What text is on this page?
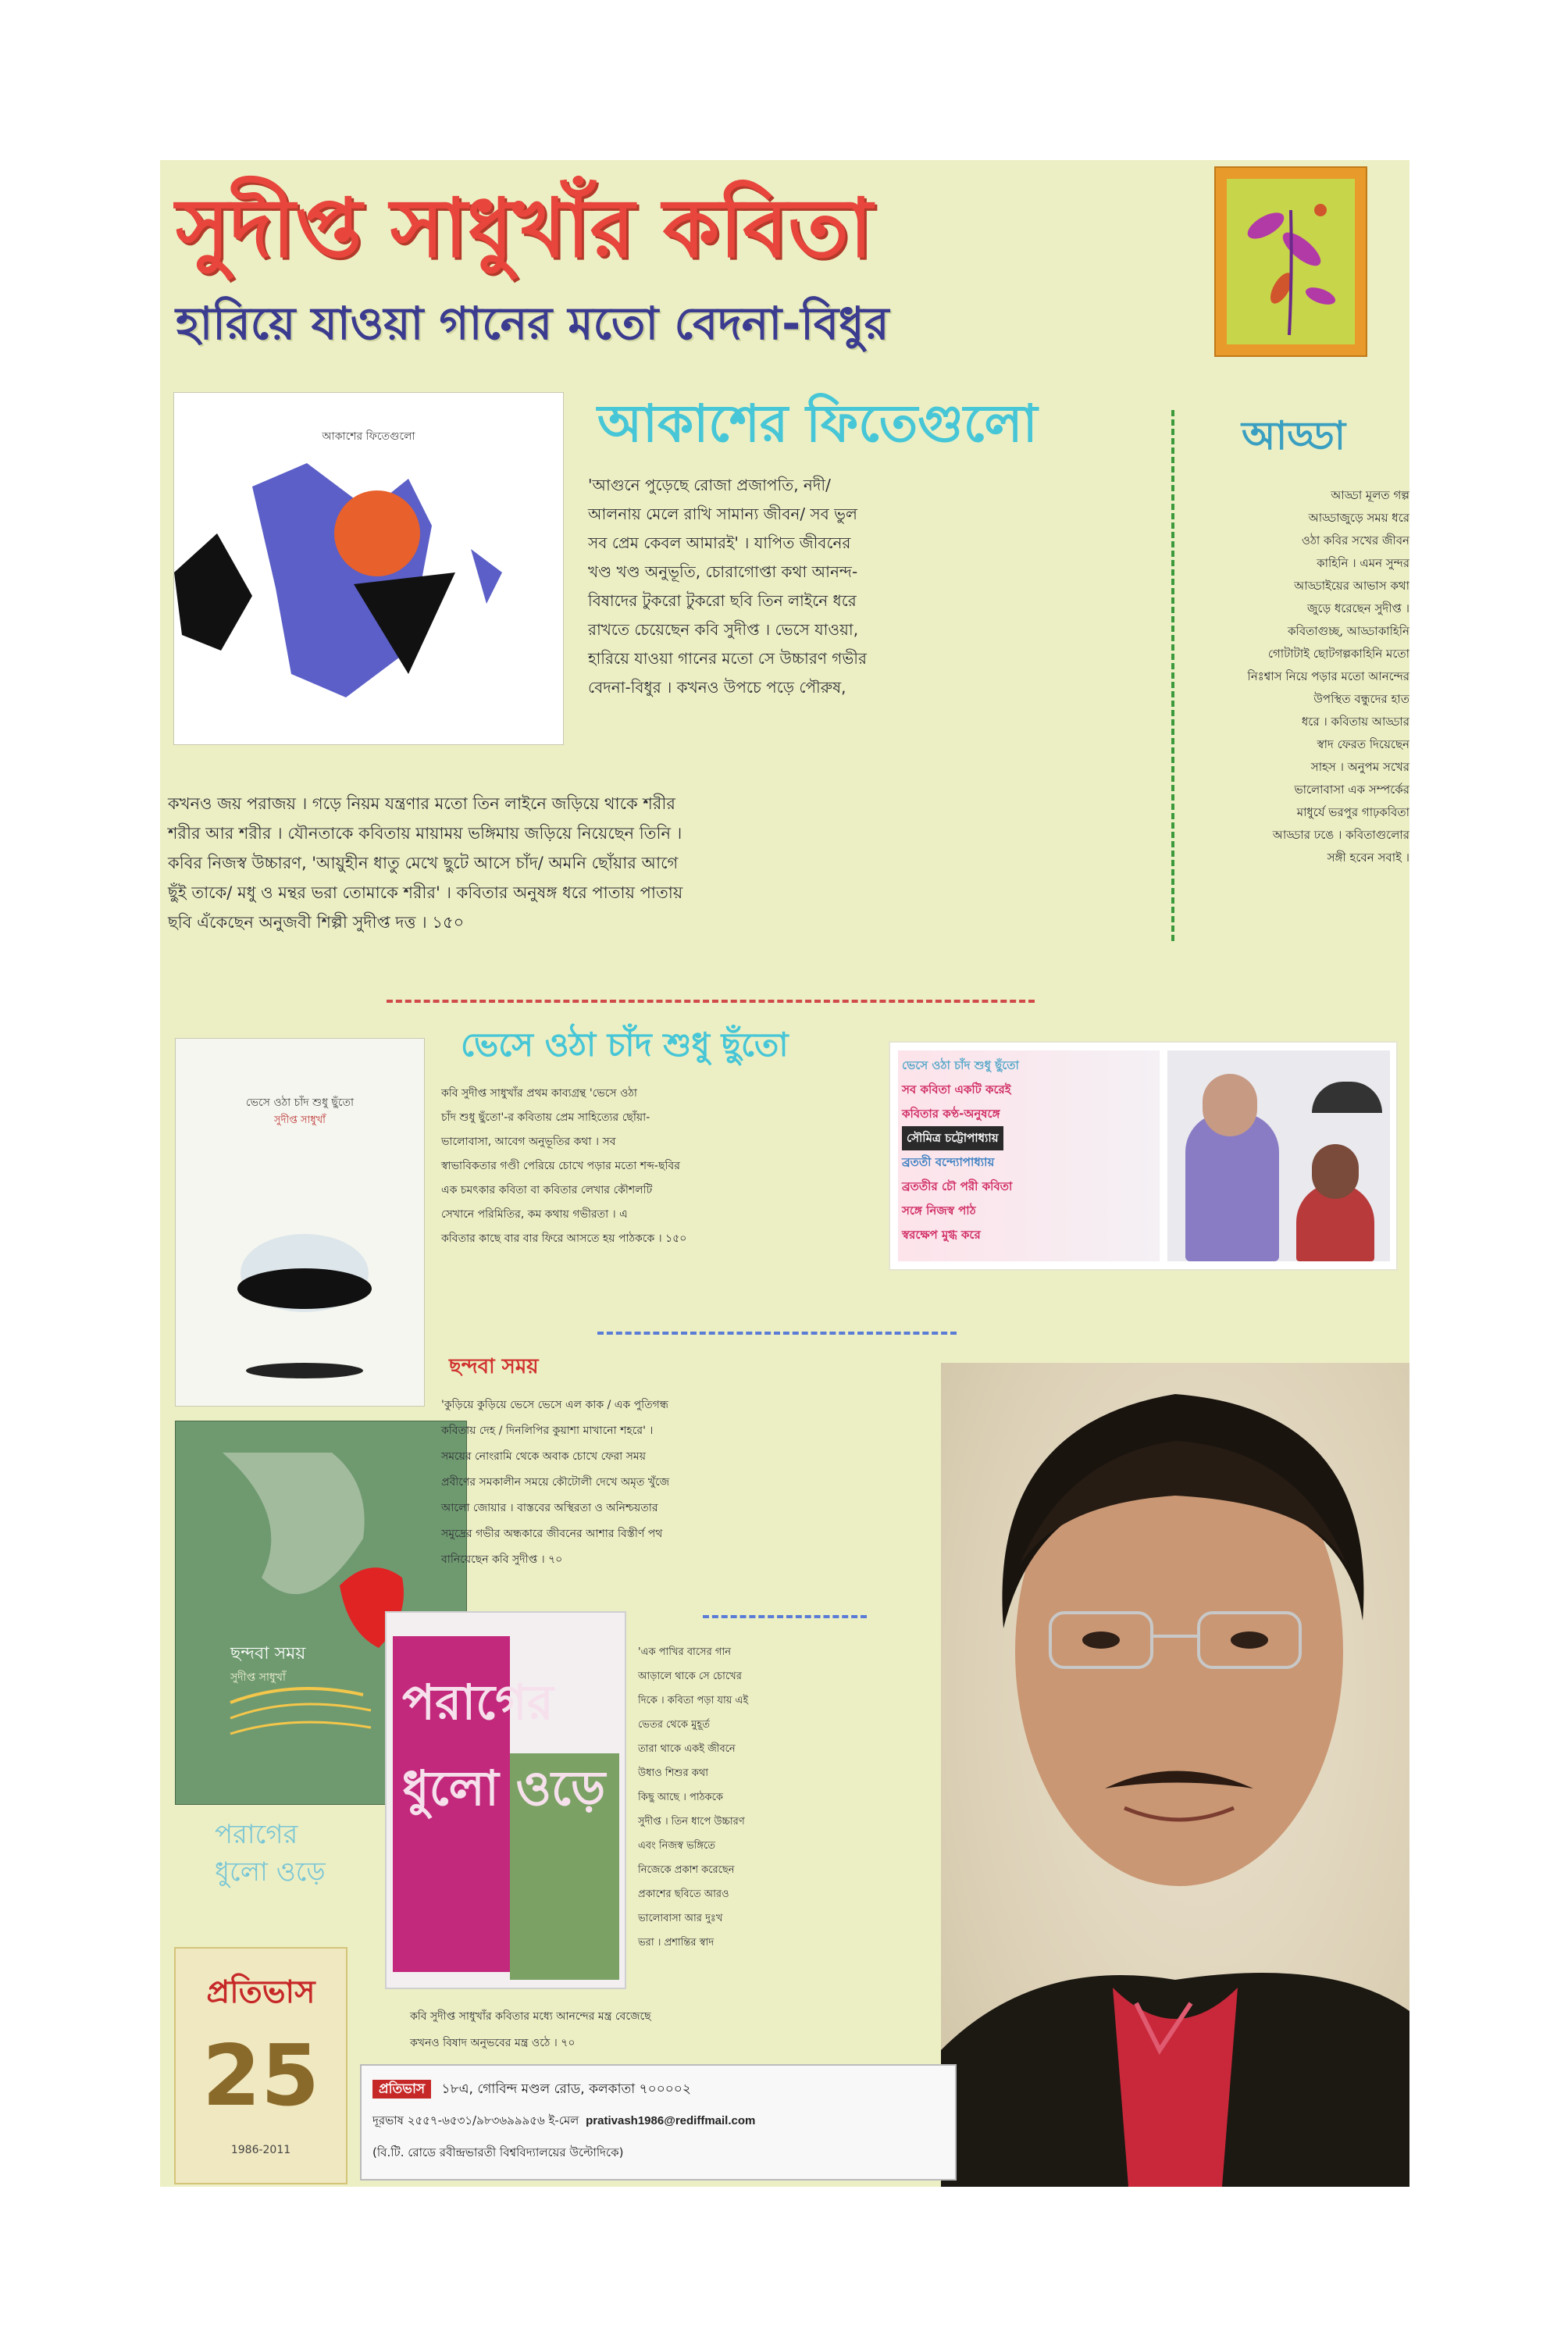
সুদীপ্ত সাধুখাঁর কবিতা
হারিয়ে যাওয়া গানের মতো বেদনা-বিধুর
আকাশের ফিতেগুলো	আকাশের ফিতেগুলো

'আগুনে পুড়েছে রোজা প্রজাপতি, নদী/

আলনায় মেলে রাখি সামান্য জীবন/ সব ভুল

সব প্রেম কেবল আমারই' । যাপিত জীবনের

খণ্ড খণ্ড অনুভূতি, চোরাগোপ্তা কথা আনন্দ-

বিষাদের টুকরো টুকরো ছবি তিন লাইনে ধরে

রাখতে চেয়েছেন কবি সুদীপ্ত । ভেসে যাওয়া,

হারিয়ে যাওয়া গানের মতো সে উচ্চারণ গভীর

বেদনা-বিধুর । কখনও উপচে পড়ে পৌরুষ,

কখনও জয় পরাজয় । গড়ে নিয়ম যন্ত্রণার মতো তিন লাইনে জড়িয়ে থাকে শরীর

শরীর আর শরীর । যৌনতাকে কবিতায় মায়াময় ভঙ্গিমায় জড়িয়ে নিয়েছেন তিনি ।

কবির নিজস্ব উচ্চারণ, 'আয়ুহীন ধাতু মেখে ছুটে আসে চাঁদ/ অমনি ছোঁয়ার আগে

ছুঁই তাকে/ মধু ও মন্থর ভরা তোমাকে শরীর' । কবিতার অনুষঙ্গ ধরে পাতায় পাতায়

ছবি এঁকেছেন অনুজবী শিল্পী সুদীপ্ত দত্ত । ১৫০

আড্ডা

আড্ডা মূলত গল্প

আড্ডাজুড়ে সময় ধরে

ওঠা কবির সখের জীবন

কাহিনি । এমন সুন্দর

আড্ডাইয়ের আভাস কথা

জুড়ে ধরেছেন সুদীপ্ত ।

কবিতাগুচ্ছ, আড্ডাকাহিনি

গোটাটাই ছোটগল্পকাহিনি মতো

নিঃশ্বাস নিয়ে পড়ার মতো আনন্দের

উপস্থিত বন্ধুদের হাত

ধরে । কবিতায় আড্ডার

স্বাদ ফেরত দিয়েছেন

সাহস । অনুপম সখের

ভালোবাসা এক সম্পর্কের

মাধুর্যে ভরপুর গাঢ়কবিতা

আড্ডার ঢঙে । কবিতাগুলোর

সঙ্গী হবেন সবাই ।

ভেসে ওঠা চাঁদ শুধু ছুঁতো
সুদীপ্ত সাধুখাঁ
ভেসে ওঠা চাঁদ শুধু ছুঁতো

কবি সুদীপ্ত সাধুখাঁর প্রথম কাব্যগ্রন্থ 'ভেসে ওঠা

চাঁদ শুধু ছুঁতো'-র কবিতায় প্রেম সাহিত্যের ছোঁয়া-

ভালোবাসা, আবেগ অনুভূতির কথা । সব

স্বাভাবিকতার গণ্ডী পেরিয়ে চোখে পড়ার মতো শব্দ-ছবির

এক চমৎকার কবিতা বা কবিতার লেখার কৌশলটি

সেখানে পরিমিতির, কম কথায় গভীরতা । এ

কবিতার কাছে বার বার ফিরে আসতে হয় পাঠককে । ১৫০

ভেসে ওঠা চাঁদ শুধু ছুঁতো
সব কবিতা একটি করেই
কবিতার কণ্ঠ-অনুষঙ্গে
সৌমিত্র চট্টোপাধ্যায়
ব্রততী বন্দ্যোপাধ্যায়
ব্রততীর চৌ পরী কবিতা
সঙ্গে নিজস্ব পাঠ
স্বরক্ষেপ মুগ্ধ করে
ছন্দবা সময়
সুদীপ্ত সাধুখাঁ
ছন্দবা সময়

'কুড়িয়ে কুড়িয়ে ভেসে ভেসে এল কাক / এক পুতিগন্ধ

কবিতায় দেহ / দিনলিপির কুয়াশা মাখানো শহরে' ।

সময়ের নোংরামি থেকে অবাক চোখে ফেরা সময়

প্রবীণের সমকালীন সময়ে কৌটোলী দেখে অমৃত খুঁজে

আলো জোয়ার । বাস্তবের অস্থিরতা ও অনিশ্চয়তার

সমুদ্রের গভীর অন্ধকারে জীবনের আশার বিস্তীর্ণ পথ

বানিয়েছেন কবি সুদীপ্ত । ৭০

পরাগের ধুলো ওড়ে
পরাগের
ধুলো ওড়ে

'এক পাখির বাসের গান

আড়ালে থাকে সে চোখের

দিকে । কবিতা পড়া যায় এই

ভেতর থেকে মুহূর্ত

তারা থাকে একই জীবনে

উধাও শিশুর কথা

কিছু আছে । পাঠককে

সুদীপ্ত । তিন ধাপে উচ্চারণ

এবং নিজস্ব ভঙ্গিতে

নিজেকে প্রকাশ করেছেন

প্রকাশের ছবিতে আরও

ভালোবাসা আর দুঃখ

ভরা । প্রশান্তির স্বাদ

কবি সুদীপ্ত সাধুখাঁর কবিতার মধ্যে আনন্দের মন্ত্র বেজেছে

কখনও বিষাদ অনুভবের মন্ত্র ওঠে । ৭০

প্রতিভাস
25
1986-2011
প্রতিভাস ১৮এ, গোবিন্দ মণ্ডল রোড, কলকাতা ৭০০০০২
দূরভাষ ২৫৫৭-৬৫৩১/৯৮৩৬৯৯৯৫৬ ই-মেল prativash1986@rediffmail.com
(বি.টি. রোডে রবীন্দ্রভারতী বিশ্ববিদ্যালয়ের উল্টোদিকে)
